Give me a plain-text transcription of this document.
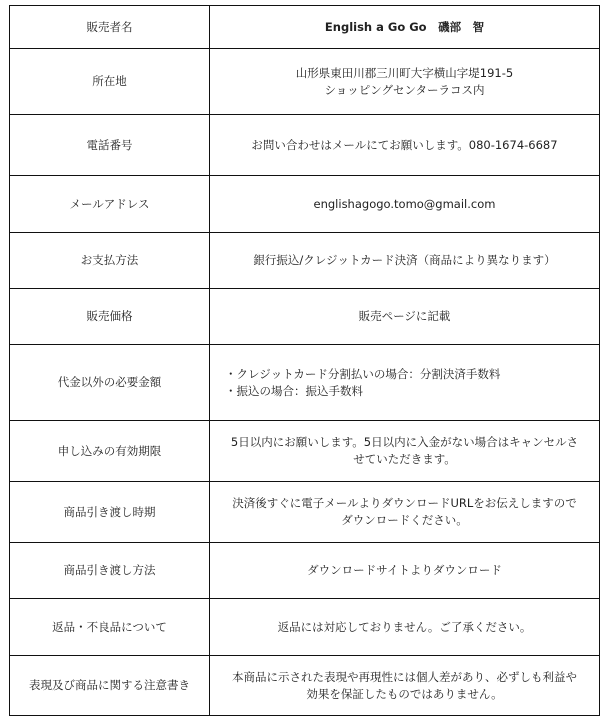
販売者名	English a Go Go　磯部　智

所在地	山形県東田川郡三川町大字横山字堤191-5
ショッピングセンターラコス内

電話番号	お問い合わせはメールにてお願いします。080-1674-6687

メールアドレス	englishagogo.tomo@gmail.com

お支払方法	銀行振込/クレジットカード決済（商品により異なります）

販売価格	販売ページに記載

代金以外の必要金額	・クレジットカード分割払いの場合：分割決済手数料
・振込の場合：振込手数料

申し込みの有効期限	5日以内にお願いします。5日以内に入金がない場合はキャンセルさ
せていただきます。

商品引き渡し時期	決済後すぐに電子メールよりダウンロードURLをお伝えしますので
ダウンロードください。

商品引き渡し方法	ダウンロードサイトよりダウンロード

返品・不良品について	返品には対応しておりません。ご了承ください。

表現及び商品に関する注意書き	本商品に示された表現や再現性には個人差があり、必ずしも利益や
効果を保証したものではありません。
